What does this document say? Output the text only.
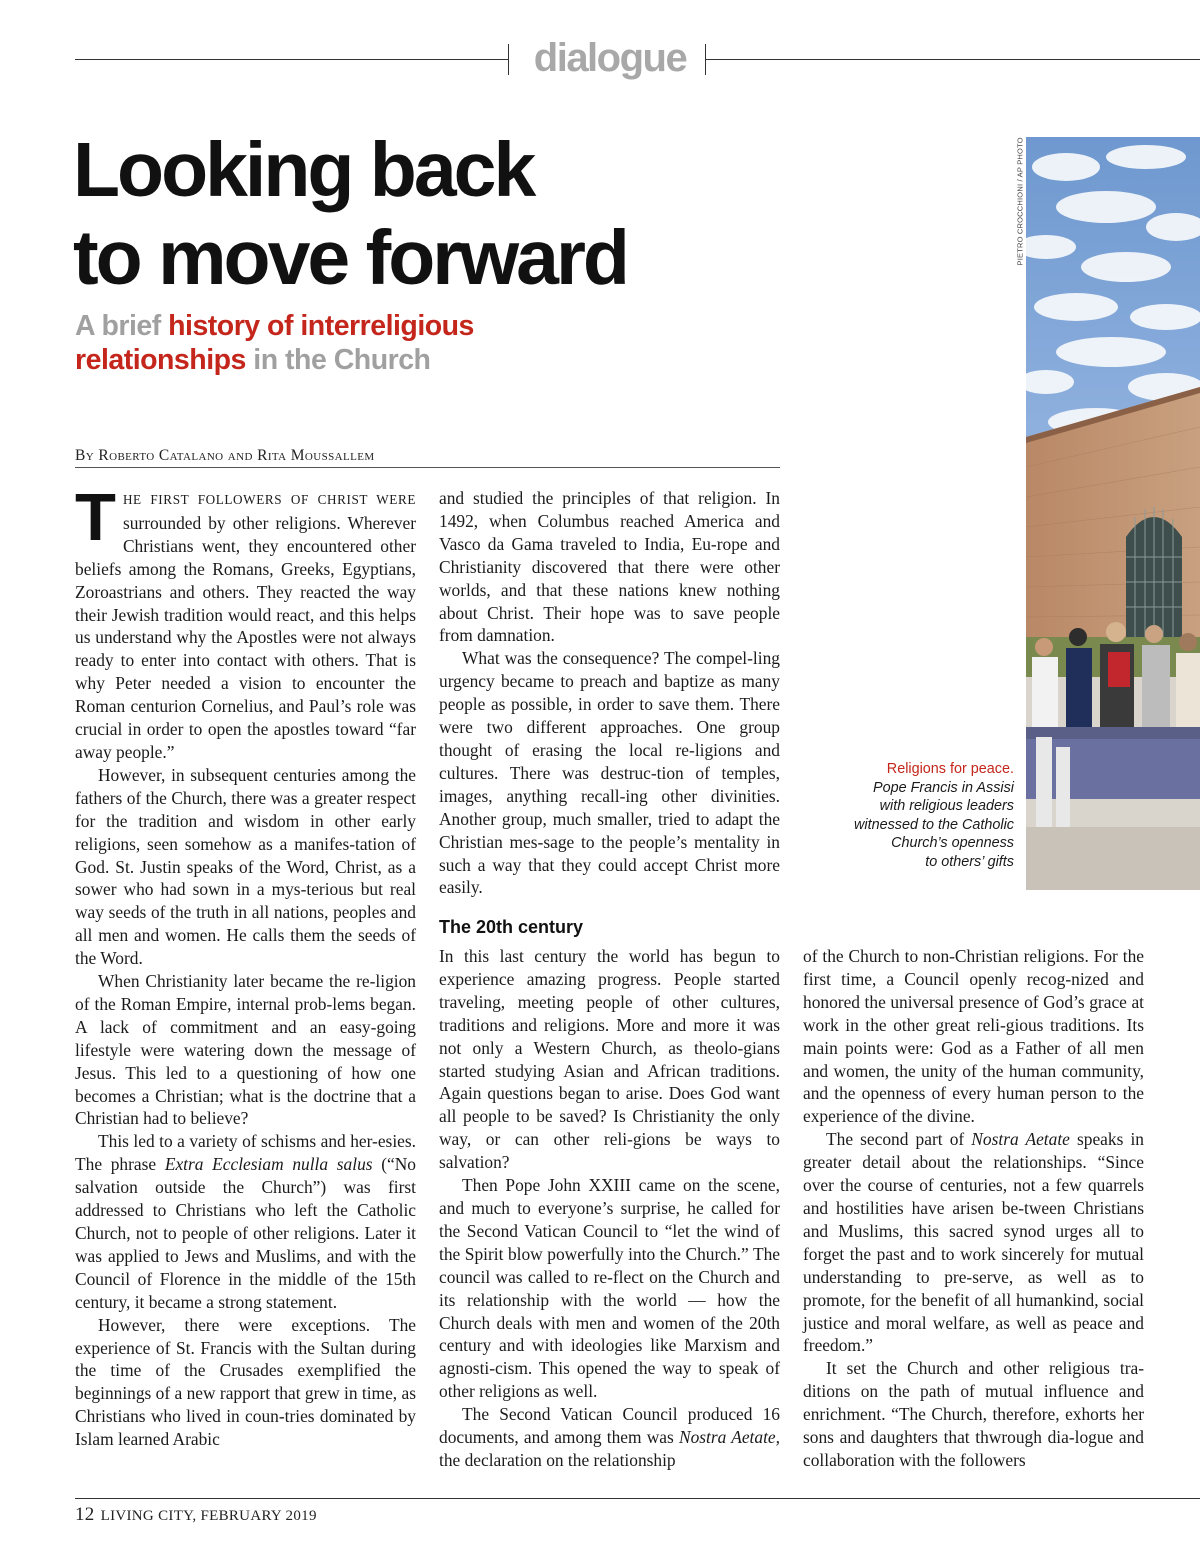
dialogue
Looking back
to move forward
A brief history of interreligious
relationships in the Church
PIETRO CROCCHIONI / AP PHOTO
Religions for peace.
Pope Francis in Assisi
with religious leaders
witnessed to the Catholic
Church’s openness
to others’ gifts
By Roberto Catalano and Rita Moussallem

THE FIRST FOLLOWERS OF CHRIST WERE surrounded by other religions. Wherever Christians went, they encountered other beliefs among the Romans, Greeks, Egyptians, Zoroastrians and others. They reacted the way their Jewish tradition would react, and this helps us understand why the Apostles were not always ready to enter into contact with others. That is why Peter needed a vision to encounter the Roman centurion Cornelius, and Paul’s role was crucial in order to open the apostles toward “far away people.”

However, in subsequent centuries among the fathers of the Church, there was a greater respect for the tradition and wisdom in other early religions, seen somehow as a manifes-tation of God. St. Justin speaks of the Word, Christ, as a sower who had sown in a mys-terious but real way seeds of the truth in all nations, peoples and all men and women. He calls them the seeds of the Word.

When Christianity later became the re-ligion of the Roman Empire, internal prob-lems began. A lack of commitment and an easy-going lifestyle were watering down the message of Jesus. This led to a questioning of how one becomes a Christian; what is the doctrine that a Christian had to believe?

This led to a variety of schisms and her-esies. The phrase Extra Ecclesiam nulla salus (“No salvation outside the Church”) was first addressed to Christians who left the Catholic Church, not to people of other religions. Later it was applied to Jews and Muslims, and with the Council of Florence in the middle of the 15th century, it became a strong statement.

However, there were exceptions. The experience of St. Francis with the Sultan during the time of the Crusades exemplified the beginnings of a new rapport that grew in time, as Christians who lived in coun-tries dominated by Islam learned Arabic

and studied the principles of that religion. In 1492, when Columbus reached America and Vasco da Gama traveled to India, Eu-rope and Christianity discovered that there were other worlds, and that these nations knew nothing about Christ. Their hope was to save people from damnation.

What was the consequence? The compel-ling urgency became to preach and baptize as many people as possible, in order to save them. There were two different approaches. One group thought of erasing the local re-ligions and cultures. There was destruc-tion of temples, images, anything recall-ing other divinities. Another group, much smaller, tried to adapt the Christian mes-sage to the people’s mentality in such a way that they could accept Christ more easily.

The 20th century

In this last century the world has begun to experience amazing progress. People started traveling, meeting people of other cultures, traditions and religions. More and more it was not only a Western Church, as theolo-gians started studying Asian and African traditions. Again questions began to arise. Does God want all people to be saved? Is Christianity the only way, or can other reli-gions be ways to salvation?

Then Pope John XXIII came on the scene, and much to everyone’s surprise, he called for the Second Vatican Council to “let the wind of the Spirit blow powerfully into the Church.” The council was called to re-flect on the Church and its relationship with the world — how the Church deals with men and women of the 20th century and with ideologies like Marxism and agnosti-cism. This opened the way to speak of other religions as well.

The Second Vatican Council produced 16 documents, and among them was Nostra Aetate, the declaration on the relationship

of the Church to non-Christian religions. For the first time, a Council openly recog-nized and honored the universal presence of God’s grace at work in the other great reli-gious traditions. Its main points were: God as a Father of all men and women, the unity of the human community, and the openness of every human person to the experience of the divine.

The second part of Nostra Aetate speaks in greater detail about the relationships. “Since over the course of centuries, not a few quarrels and hostilities have arisen be-tween Christians and Muslims, this sacred synod urges all to forget the past and to work sincerely for mutual understanding to pre-serve, as well as to promote, for the benefit of all humankind, social justice and moral welfare, as well as peace and freedom.”

It set the Church and other religious tra-ditions on the path of mutual influence and enrichment. “The Church, therefore, exhorts her sons and daughters that thwrough dia-logue and collaboration with the followers

12 LIVING CITY, FEBRUARY 2019
